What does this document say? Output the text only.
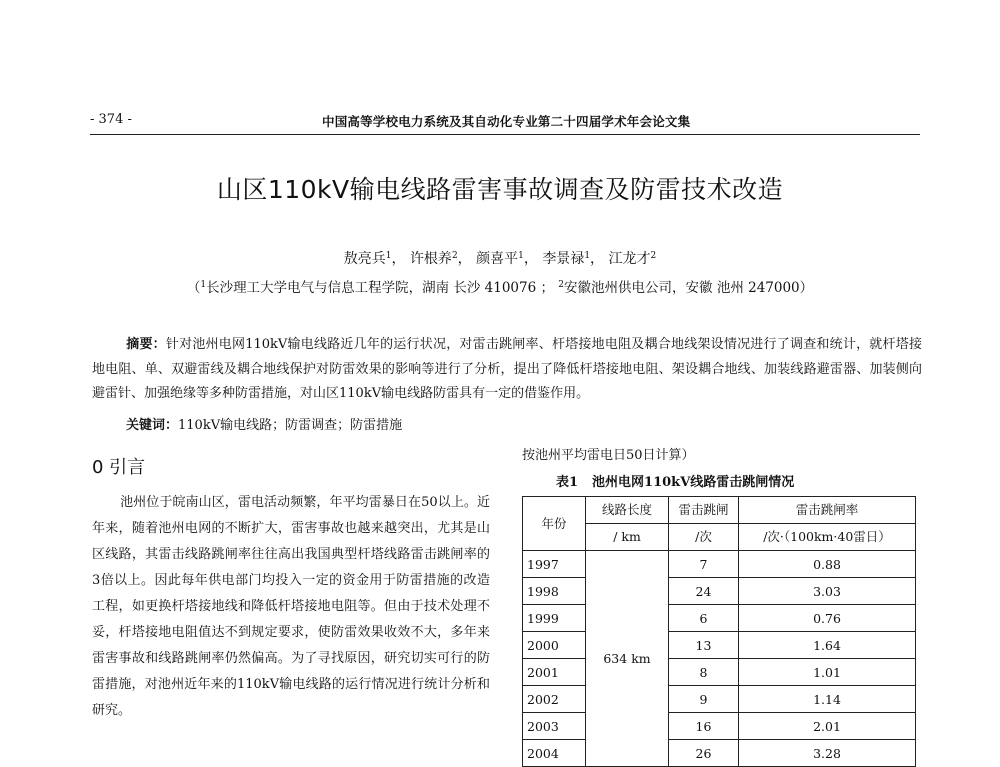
- 374 -	中国高等学校电力系统及其自动化专业第二十四届学术年会论文集
山区110kV输电线路雷害事故调查及防雷技术改造
敖亮兵$^1$， 许根养$^2$， 颜喜平$^1$， 李景禄$^1$， 江龙才$^2$
（$^1$长沙理工大学电气与信息工程学院，湖南 长沙 410076 ； $^2$安徽池州供电公司，安徽 池州 247000）
摘要：针对池州电网110kV输电线路近几年的运行状况，对雷击跳闸率、杆塔接地电阻及耦合地线架设情况进行了调查和统计，就杆塔接地电阻、单、双避雷线及耦合地线保护对防雷效果的影响等进行了分析，提出了降低杆塔接地电阻、架设耦合地线、加装线路避雷器、加装侧向避雷针、加强绝缘等多种防雷措施，对山区110kV输电线路防雷具有一定的借鉴作用。
关键词：110kV输电线路；防雷调查；防雷措施
0 引言
池州位于皖南山区，雷电活动频繁，年平均雷暴日在50以上。近年来，随着池州电网的不断扩大，雷害事故也越来越突出，尤其是山区线路，其雷击线路跳闸率往往高出我国典型杆塔线路雷击跳闸率的3倍以上。因此每年供电部门均投入一定的资金用于防雷措施的改造工程，如更换杆塔接地线和降低杆塔接地电阻等。但由于技术处理不妥，杆塔接地电阻值达不到规定要求，使防雷效果收效不大，多年来雷害事故和线路跳闸率仍然偏高。为了寻找原因，研究切实可行的防雷措施，对池州近年来的110kV输电线路的运行情况进行统计分析和研究。
按池州平均雷电日50日计算）
表1 池州电网110kV线路雷击跳闸情况
年份	线路长度	雷击跳闸	雷击跳闸率
	/ km	/次	/次·（100km·40雷日）
1997	634 km	7	0.88
1998		24	3.03
1999		6	0.76
2000		13	1.64
2001		8	1.01
2002		9	1.14
2003		16	2.01
2004		26	3.28
